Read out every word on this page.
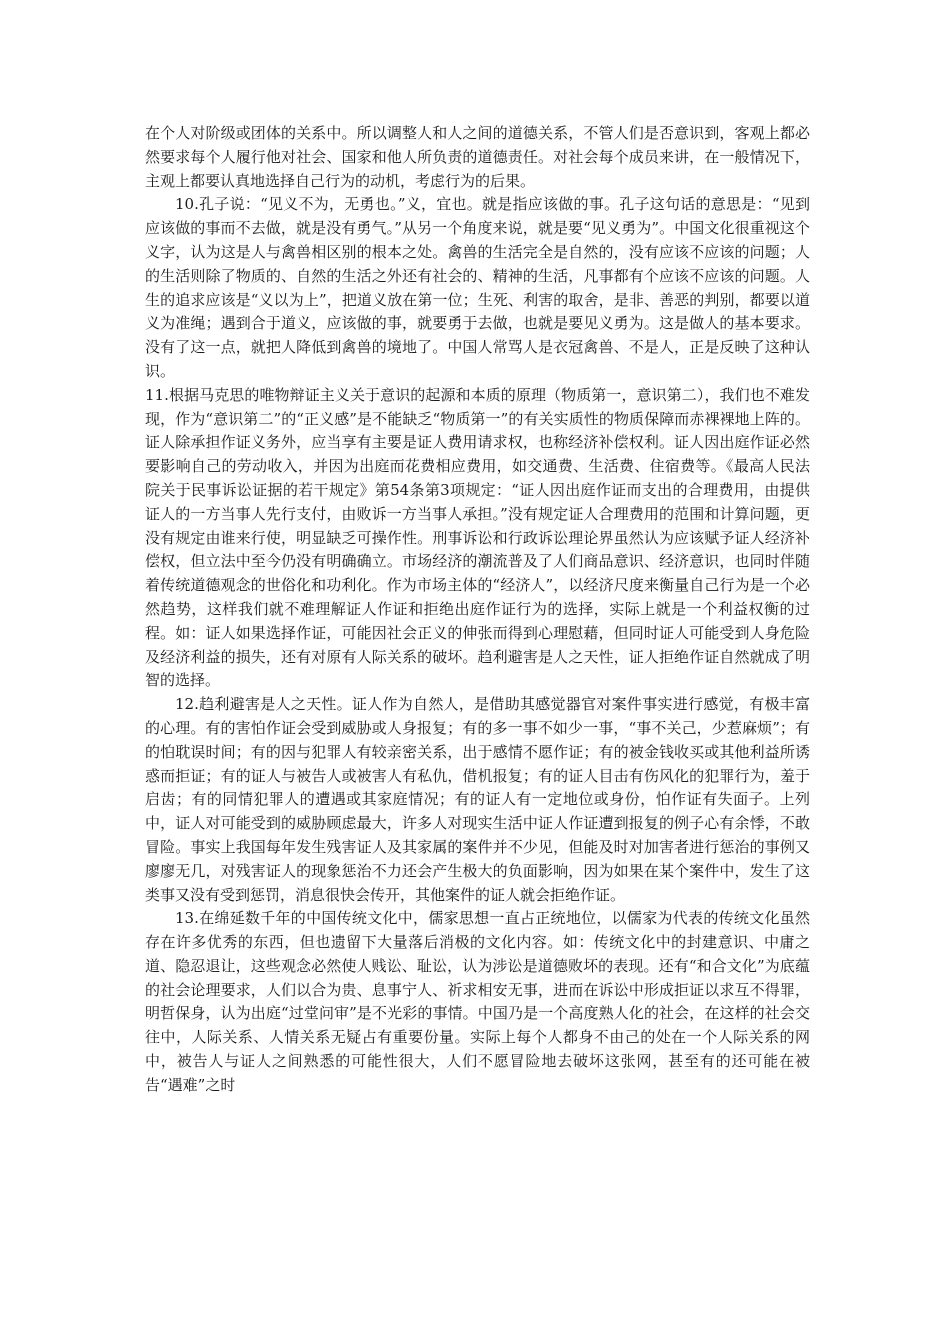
在个人对阶级或团体的关系中。所以调整人和人之间的道德关系，不管人们是否意识到，客观上都必然要求每个人履行他对社会、国家和他人所负责的道德责任。对社会每个成员来讲，在一般情况下，主观上都要认真地选择自己行为的动机，考虑行为的后果。

10.孔子说：“见义不为，无勇也。”义，宜也。就是指应该做的事。孔子这句话的意思是：“见到应该做的事而不去做，就是没有勇气。”从另一个角度来说，就是要“见义勇为”。中国文化很重视这个义字，认为这是人与禽兽相区别的根本之处。禽兽的生活完全是自然的，没有应该不应该的问题；人的生活则除了物质的、自然的生活之外还有社会的、精神的生活，凡事都有个应该不应该的问题。人生的追求应该是“义以为上”，把道义放在第一位；生死、利害的取舍，是非、善恶的判别，都要以道义为准绳；遇到合于道义，应该做的事，就要勇于去做，也就是要见义勇为。这是做人的基本要求。没有了这一点，就把人降低到禽兽的境地了。中国人常骂人是衣冠禽兽、不是人，正是反映了这种认识。

11.根据马克思的唯物辩证主义关于意识的起源和本质的原理（物质第一，意识第二），我们也不难发现，作为“意识第二”的“正义感”是不能缺乏“物质第一”的有关实质性的物质保障而赤裸裸地上阵的。证人除承担作证义务外，应当享有主要是证人费用请求权，也称经济补偿权利。证人因出庭作证必然要影响自己的劳动收入，并因为出庭而花费相应费用，如交通费、生活费、住宿费等。《最高人民法院关于民事诉讼证据的若干规定》第54条第3项规定：“证人因出庭作证而支出的合理费用，由提供证人的一方当事人先行支付，由败诉一方当事人承担。”没有规定证人合理费用的范围和计算问题，更没有规定由谁来行使，明显缺乏可操作性。刑事诉讼和行政诉讼理论界虽然认为应该赋予证人经济补偿权，但立法中至今仍没有明确确立。市场经济的潮流普及了人们商品意识、经济意识，也同时伴随着传统道德观念的世俗化和功利化。作为市场主体的“经济人”，以经济尺度来衡量自己行为是一个必然趋势，这样我们就不难理解证人作证和拒绝出庭作证行为的选择，实际上就是一个利益权衡的过程。如：证人如果选择作证，可能因社会正义的伸张而得到心理慰藉，但同时证人可能受到人身危险及经济利益的损失，还有对原有人际关系的破坏。趋利避害是人之天性，证人拒绝作证自然就成了明智的选择。

12.趋利避害是人之天性。证人作为自然人，是借助其感觉器官对案件事实进行感觉，有极丰富的心理。有的害怕作证会受到威胁或人身报复；有的多一事不如少一事，“事不关己，少惹麻烦”；有的怕耽误时间；有的因与犯罪人有较亲密关系，出于感情不愿作证；有的被金钱收买或其他利益所诱惑而拒证；有的证人与被告人或被害人有私仇，借机报复；有的证人目击有伤风化的犯罪行为，羞于启齿；有的同情犯罪人的遭遇或其家庭情况；有的证人有一定地位或身份，怕作证有失面子。上列中，证人对可能受到的威胁顾虑最大，许多人对现实生活中证人作证遭到报复的例子心有余悸，不敢冒险。事实上我国每年发生残害证人及其家属的案件并不少见，但能及时对加害者进行惩治的事例又廖廖无几，对残害证人的现象惩治不力还会产生极大的负面影响，因为如果在某个案件中，发生了这类事又没有受到惩罚，消息很快会传开，其他案件的证人就会拒绝作证。

13.在绵延数千年的中国传统文化中，儒家思想一直占正统地位，以儒家为代表的传统文化虽然存在许多优秀的东西，但也遗留下大量落后消极的文化内容。如：传统文化中的封建意识、中庸之道、隐忍退让，这些观念必然使人贱讼、耻讼，认为涉讼是道德败坏的表现。还有“和合文化”为底蕴的社会论理要求，人们以合为贵、息事宁人、祈求相安无事，进而在诉讼中形成拒证以求互不得罪，明哲保身，认为出庭“过堂问审”是不光彩的事情。中国乃是一个高度熟人化的社会，在这样的社会交往中，人际关系、人情关系无疑占有重要份量。实际上每个人都身不由己的处在一个人际关系的网中，被告人与证人之间熟悉的可能性很大，人们不愿冒险地去破坏这张网，甚至有的还可能在被告“遇难”之时
